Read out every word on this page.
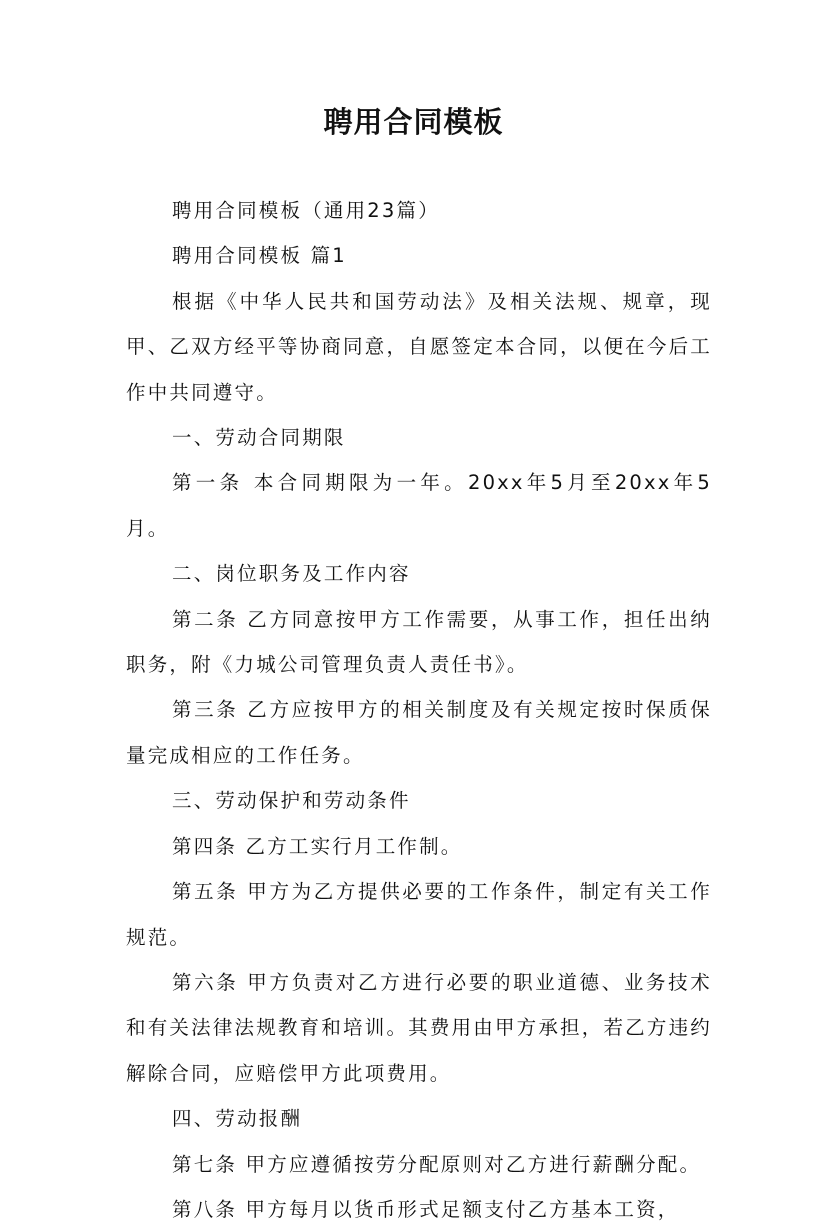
聘用合同模板

聘用合同模板（通用23篇）

聘用合同模板 篇1

根据《中华人民共和国劳动法》及相关法规、规章，现甲、乙双方经平等协商同意，自愿签定本合同，以便在今后工作中共同遵守。

一、劳动合同期限

第一条 本合同期限为一年。20xx年5月至20xx年5月。

二、岗位职务及工作内容

第二条 乙方同意按甲方工作需要，从事工作，担任出纳职务，附《力城公司管理负责人责任书》。

第三条 乙方应按甲方的相关制度及有关规定按时保质保量完成相应的工作任务。

三、劳动保护和劳动条件

第四条 乙方工实行月工作制。

第五条 甲方为乙方提供必要的工作条件，制定有关工作规范。

第六条 甲方负责对乙方进行必要的职业道德、业务技术和有关法律法规教育和培训。其费用由甲方承担，若乙方违约解除合同，应赔偿甲方此项费用。

四、劳动报酬

第七条 甲方应遵循按劳分配原则对乙方进行薪酬分配。

第八条 甲方每月以货币形式足额支付乙方基本工资，
